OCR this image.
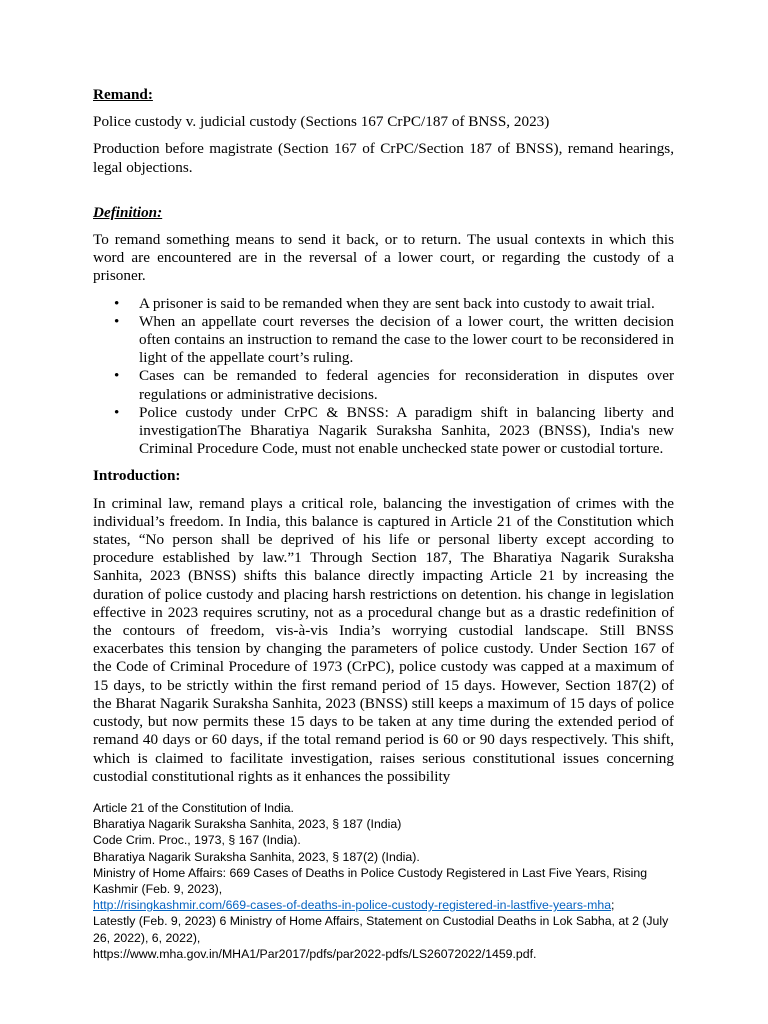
Remand:

Police custody v. judicial custody (Sections 167 CrPC/187 of BNSS, 2023)

Production before magistrate (Section 167 of CrPC/Section 187 of BNSS), remand hearings, legal objections.

Definition:

To remand something means to send it back, or to return. The usual contexts in which this word are encountered are in the reversal of a lower court, or regarding the custody of a prisoner.

• A prisoner is said to be remanded when they are sent back into custody to await trial.
• When an appellate court reverses the decision of a lower court, the written decision often contains an instruction to remand the case to the lower court to be reconsidered in light of the appellate court’s ruling.
• Cases can be remanded to federal agencies for reconsideration in disputes over regulations or administrative decisions.
• Police custody under CrPC & BNSS: A paradigm shift in balancing liberty and investigationThe Bharatiya Nagarik Suraksha Sanhita, 2023 (BNSS), India's new Criminal Procedure Code, must not enable unchecked state power or custodial torture.
Introduction:

In criminal law, remand plays a critical role, balancing the investigation of crimes with the individual’s freedom. In India, this balance is captured in Article 21 of the Constitution which states, “No person shall be deprived of his life or personal liberty except according to procedure established by law.”1 Through Section 187, The Bharatiya Nagarik Suraksha Sanhita, 2023 (BNSS) shifts this balance directly impacting Article 21 by increasing the duration of police custody and placing harsh restrictions on detention. his change in legislation effective in 2023 requires scrutiny, not as a procedural change but as a drastic redefinition of the contours of freedom, vis-à-vis India’s worrying custodial landscape. Still BNSS exacerbates this tension by changing the parameters of police custody. Under Section 167 of the Code of Criminal Procedure of 1973 (CrPC), police custody was capped at a maximum of 15 days, to be strictly within the first remand period of 15 days. However, Section 187(2) of the Bharat Nagarik Suraksha Sanhita, 2023 (BNSS) still keeps a maximum of 15 days of police custody, but now permits these 15 days to be taken at any time during the extended period of remand 40 days or 60 days, if the total remand period is 60 or 90 days respectively. This shift, which is claimed to facilitate investigation, raises serious constitutional issues concerning custodial constitutional rights as it enhances the possibility

Article 21 of the Constitution of India.
Bharatiya Nagarik Suraksha Sanhita, 2023, § 187 (India)
Code Crim. Proc., 1973, § 167 (India).
Bharatiya Nagarik Suraksha Sanhita, 2023, § 187(2) (India).
Ministry of Home Affairs: 669 Cases of Deaths in Police Custody Registered in Last Five Years, Rising Kashmir (Feb. 9, 2023),
http://risingkashmir.com/669-cases-of-deaths-in-police-custody-registered-in-lastfive-years-mha;
Latestly (Feb. 9, 2023) 6 Ministry of Home Affairs, Statement on Custodial Deaths in Lok Sabha, at 2 (July 26, 2022), 6, 2022),
https://www.mha.gov.in/MHA1/Par2017/pdfs/par2022-pdfs/LS26072022/1459.pdf.
